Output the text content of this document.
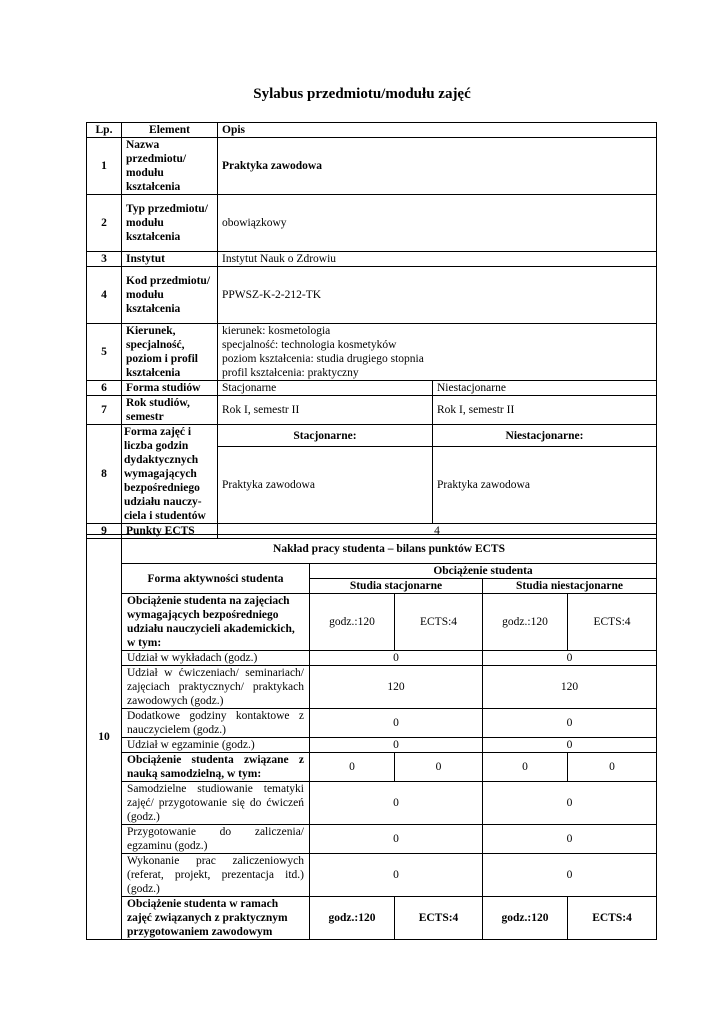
Sylabus przedmiotu/modułu zajęć
Lp.	Element	Opis	
1	Nazwa przedmiotu/ modułu kształcenia	Praktyka zawodowa	
2	Typ przedmiotu/ modułu kształcenia	obowiązkowy	
3	Instytut	Instytut Nauk o Zdrowiu	
4	Kod przedmiotu/ modułu kształcenia	PPWSZ-K-2-212-TK	
5	Kierunek, specjalność, poziom i profil kształcenia	kierunek: kosmetologia
specjalność: technologia kosmetyków
poziom kształcenia: studia drugiego stopnia
profil kształcenia: praktyczny	

6	Forma studiów	Stacjonarne	Niestacjonarne
7	Rok studiów, semestr	Rok I, semestr II	Rok I, semestr II
8	Forma zajęć i liczba godzin dydaktycznych wymagających bezpośredniego udziału nauczy-ciela i studentów	Stacjonarne:	Niestacjonarne:
		Praktyka zawodowa	Praktyka zawodowa
9	Punkty ECTS	4	
10	Nakład pracy studenta – bilans punktów ECTS				
	Forma aktywności studenta	Obciążenie studenta			
		Studia stacjonarne		Studia niestacjonarne	
	Obciążenie studenta na zajęciach wymagających bezpośredniego udziału nauczycieli akademickich, w tym:	godz.:120	ECTS:4	godz.:120	ECTS:4
	Udział w wykładach (godz.)	0		0	
	Udział w ćwiczeniach/ seminariach/ zajęciach praktycznych/ praktykach zawodowych (godz.)	120		120	
	Dodatkowe godziny kontaktowe z nauczycielem (godz.)	0		0	
	Udział w egzaminie (godz.)	0		0	
	Obciążenie studenta związane z nauką samodzielną, w tym:	0	0	0	0
	Samodzielne studiowanie tematyki zajęć/ przygotowanie się do ćwiczeń (godz.)	0		0	
	Przygotowanie do zaliczenia/ egzaminu (godz.)	0		0	
	Wykonanie prac zaliczeniowych (referat, projekt, prezentacja itd.) (godz.)	0		0	
	Obciążenie studenta w ramach zajęć związanych z praktycznym przygotowaniem zawodowym	godz.:120	ECTS:4	godz.:120	ECTS:4
